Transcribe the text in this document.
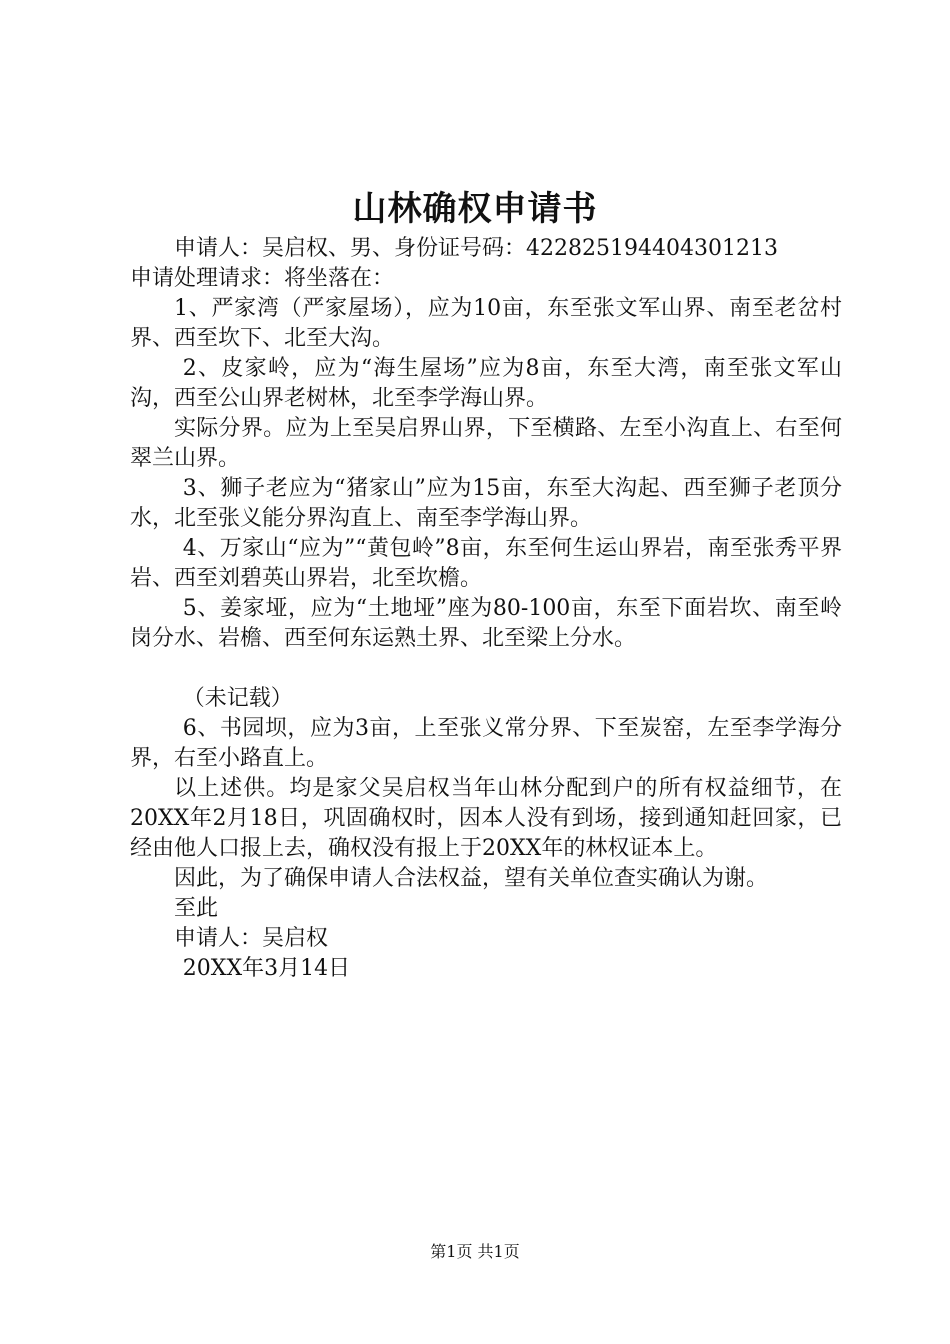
山林确权申请书

申请人：吴启权、男、身份证号码：422825194404301213

申请处理请求：将坐落在：

1、严家湾（严家屋场），应为10亩，东至张文军山界、南至老岔村界、西至坎下、北至大沟。

2、皮家岭，应为“海生屋场”应为8亩，东至大湾，南至张文军山沟，西至公山界老树林，北至李学海山界。

实际分界。应为上至吴启界山界，下至横路、左至小沟直上、右至何翠兰山界。

3、狮子老应为“猪家山”应为15亩，东至大沟起、西至狮子老顶分水，北至张义能分界沟直上、南至李学海山界。

4、万家山“应为”“黄包岭”8亩，东至何生运山界岩，南至张秀平界岩、西至刘碧英山界岩，北至坎檐。

5、姜家垭，应为“土地垭”座为80-100亩，东至下面岩坎、南至岭岗分水、岩檐、西至何东运熟土界、北至梁上分水。

（未记载）

6、书园坝，应为3亩，上至张义常分界、下至炭窑，左至李学海分界，右至小路直上。

以上述供。均是家父吴启权当年山林分配到户的所有权益细节，在20XX年2月18日，巩固确权时，因本人没有到场，接到通知赶回家，已经由他人口报上去，确权没有报上于20XX年的林权证本上。

因此，为了确保申请人合法权益，望有关单位查实确认为谢。

至此

申请人：吴启权

20XX年3月14日

第1页 共1页
